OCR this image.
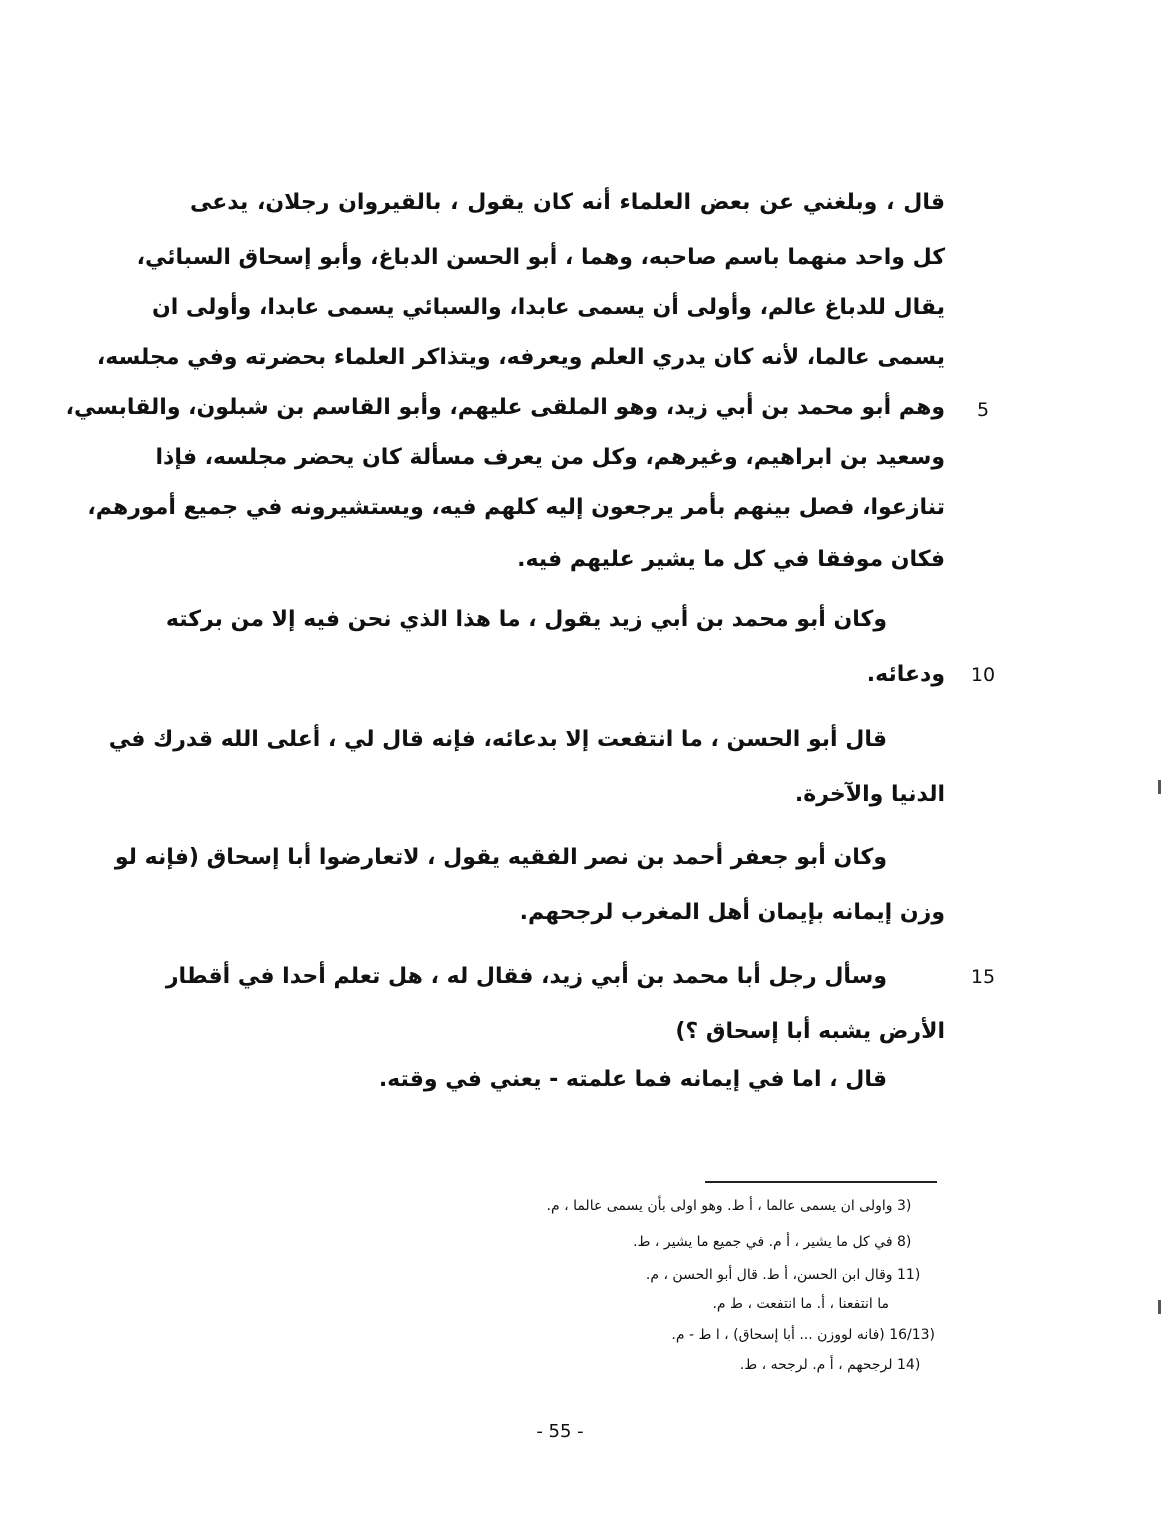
قال ، وبلغني عن بعض العلماء أنه كان يقول ، بالقيروان رجلان، يدعى
كل واحد منهما باسم صاحبه، وهما ، أبو الحسن الدباغ، وأبو إسحاق السبائي،
يقال للدباغ عالم، وأولى أن يسمى عابدا، والسبائي يسمى عابدا، وأولى ان
يسمى عالما، لأنه كان يدري العلم ويعرفه، ويتذاكر العلماء بحضرته وفي مجلسه،
وهم أبو محمد بن أبي زيد، وهو الملقى عليهم، وأبو القاسم بن شبلون، والقابسي،
وسعيد بن ابراهيم، وغيرهم، وكل من يعرف مسألة كان يحضر مجلسه، فإذا
تنازعوا، فصل بينهم بأمر يرجعون إليه كلهم فيه، ويستشيرونه في جميع أمورهم،
فكان موفقا في كل ما يشير عليهم فيه.
وكان أبو محمد بن أبي زيد يقول ، ما هذا الذي نحن فيه إلا من بركته
ودعائه.
قال أبو الحسن ، ما انتفعت إلا بدعائه، فإنه قال لي ، أعلى الله قدرك في
الدنيا والآخرة.
وكان أبو جعفر أحمد بن نصر الفقيه يقول ، لاتعارضوا أبا إسحاق (فإنه لو
وزن إيمانه بإيمان أهل المغرب لرجحهم.
وسأل رجل أبا محمد بن أبي زيد، فقال له ، هل تعلم أحدا في أقطار
الأرض يشبه أبا إسحاق ؟)
قال ، اما في إيمانه فما علمته - يعني في وقته.
5
10
15
3) واولى ان يسمى عالما ، أ ط. وهو اولى بأن يسمى عالما ، م.
8) في كل ما يشير ، أ م. في جميع ما يشير ، ط.
11) وقال ابن الحسن، أ ط. قال أبو الحسن ، م.
ما انتفعنا ، أ. ما انتفعت ، ط م.
16/13) (فانه لووزن ... أبا إسحاق) ، ا ط - م.
14) لرجحهم ، أ م. لرجحه ، ط.
- 55 -
